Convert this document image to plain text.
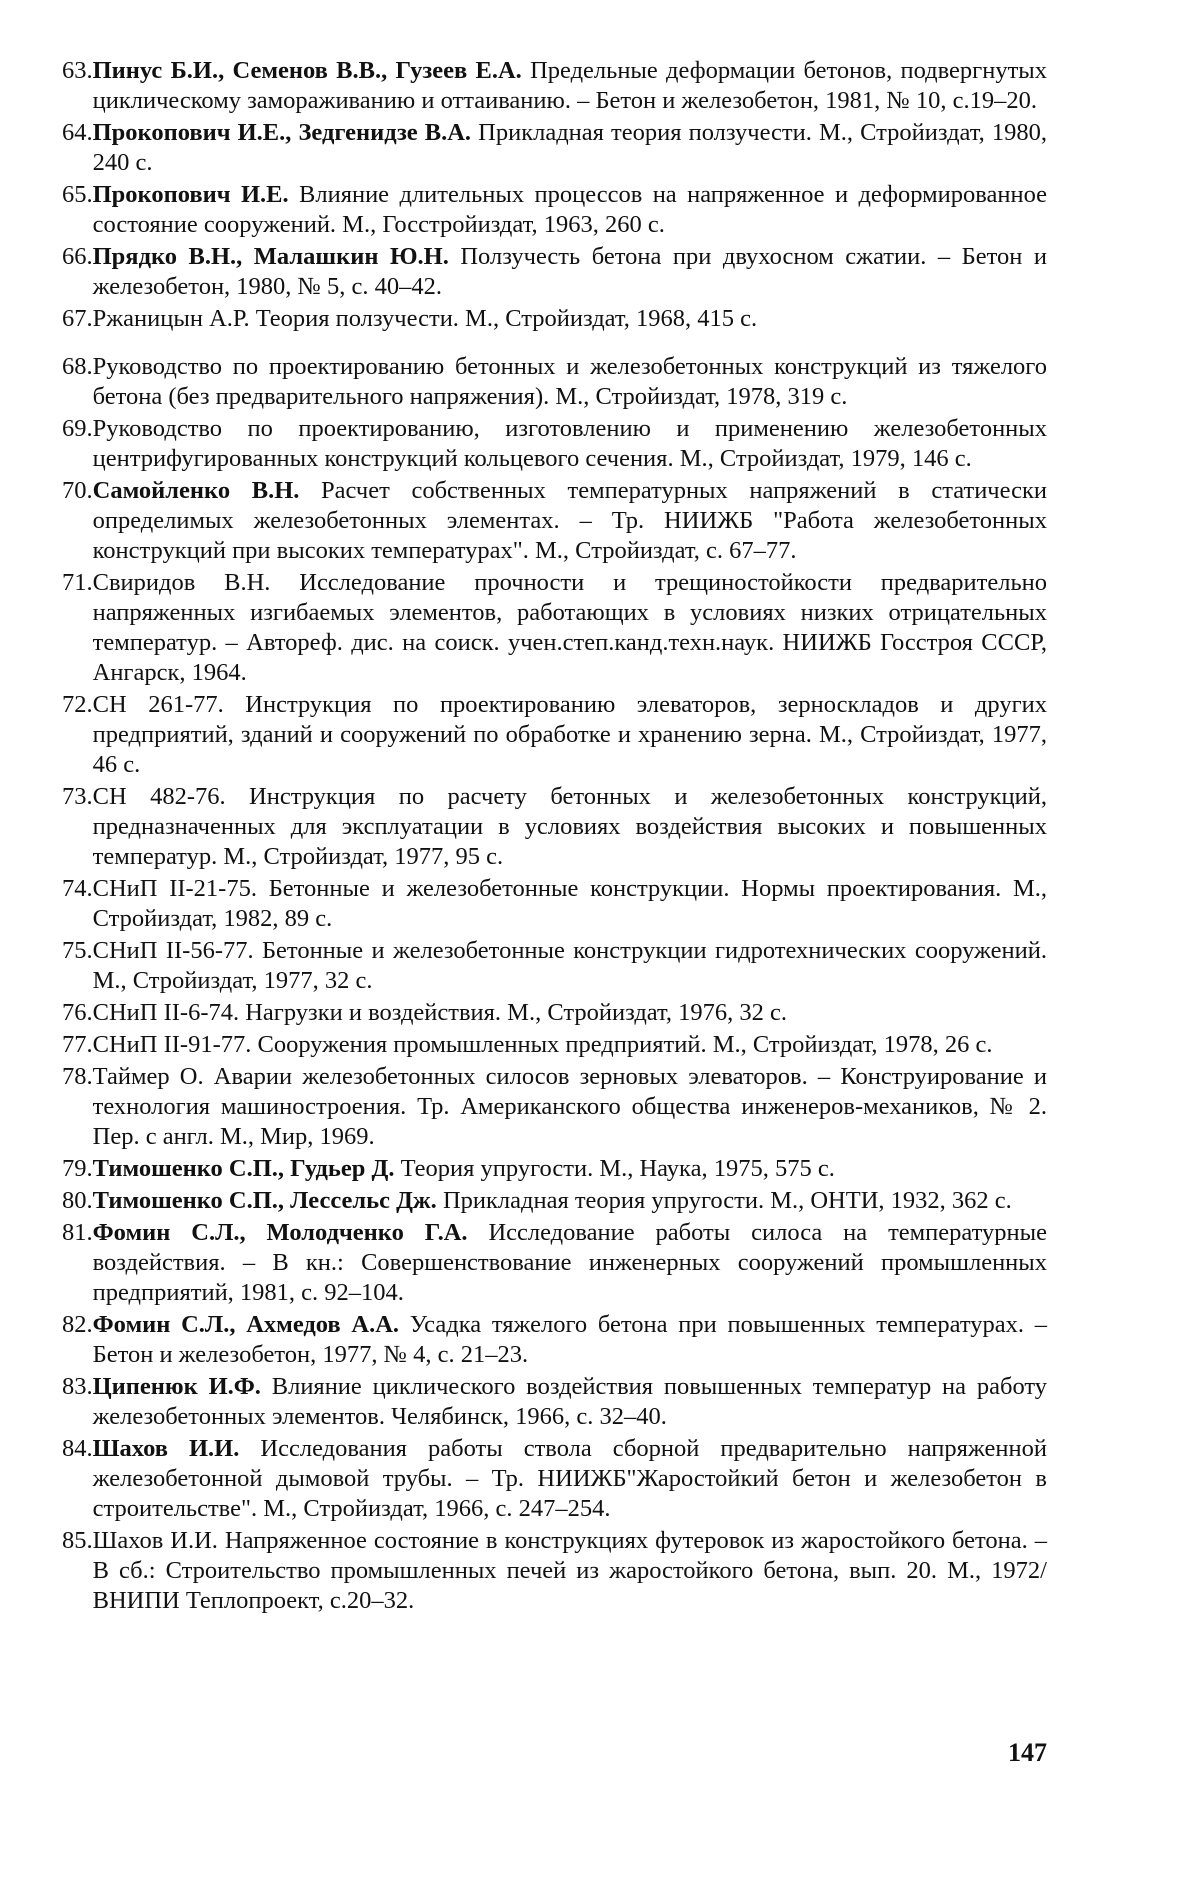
63. Пинус Б.И., Семенов В.В., Гузеев Е.А. Предельные деформации бетонов, подвергнутых циклическому замораживанию и оттаиванию. – Бетон и железобетон, 1981, № 10, с.19–20.
64. Прокопович И.Е., Зедгенидзе В.А. Прикладная теория ползучести. М., Стройиздат, 1980, 240 с.
65. Прокопович И.Е. Влияние длительных процессов на напряженное и деформированное состояние сооружений. М., Госстройиздат, 1963, 260 с.
66. Прядко В.Н., Малашкин Ю.Н. Ползучесть бетона при двухосном сжатии. – Бетон и железобетон, 1980, № 5, с. 40–42.
67. Ржаницын А.Р. Теория ползучести. М., Стройиздат, 1968, 415 с.
68. Руководство по проектированию бетонных и железобетонных конструкций из тяжелого бетона (без предварительного напряжения). М., Стройиздат, 1978, 319 с.
69. Руководство по проектированию, изготовлению и применению железобетонных центрифугированных конструкций кольцевого сечения. М., Стройиздат, 1979, 146 с.
70. Самойленко В.Н. Расчет собственных температурных напряжений в статически определимых железобетонных элементах. – Тр. НИИЖБ "Работа железобетонных конструкций при высоких температурах". М., Стройиздат, с. 67–77.
71. Свиридов В.Н. Исследование прочности и трещиностойкости предварительно напряженных изгибаемых элементов, работающих в условиях низких отрицательных температур. – Автореф. дис. на соиск. учен.степ.канд.техн.наук. НИИЖБ Госстроя СССР, Ангарск, 1964.
72. СН 261-77. Инструкция по проектированию элеваторов, зерноскладов и других предприятий, зданий и сооружений по обработке и хранению зерна. М., Стройиздат, 1977, 46 с.
73. СН 482-76. Инструкция по расчету бетонных и железобетонных конструкций, предназначенных для эксплуатации в условиях воздействия высоких и повышенных температур. М., Стройиздат, 1977, 95 с.
74. СНиП II-21-75. Бетонные и железобетонные конструкции. Нормы проектирования. М., Стройиздат, 1982, 89 с.
75. СНиП II-56-77. Бетонные и железобетонные конструкции гидротехнических сооружений. М., Стройиздат, 1977, 32 с.
76. СНиП II-6-74. Нагрузки и воздействия. М., Стройиздат, 1976, 32 с.
77. СНиП II-91-77. Сооружения промышленных предприятий. М., Стройиздат, 1978, 26 с.
78. Таймер О. Аварии железобетонных силосов зерновых элеваторов. – Конструирование и технология машиностроения. Тр. Американского общества инженеров-механиков, № 2. Пер. с англ. М., Мир, 1969.
79. Тимошенко С.П., Гудьер Д. Теория упругости. М., Наука, 1975, 575 с.
80. Тимошенко С.П., Лессельс Дж. Прикладная теория упругости. М., ОНТИ, 1932, 362 с.
81. Фомин С.Л., Молодченко Г.А. Исследование работы силоса на температурные воздействия. – В кн.: Совершенствование инженерных сооружений промышленных предприятий, 1981, с. 92–104.
82. Фомин С.Л., Ахмедов А.А. Усадка тяжелого бетона при повышенных температурах. – Бетон и железобетон, 1977, № 4, с. 21–23.
83. Ципенюк И.Ф. Влияние циклического воздействия повышенных температур на работу железобетонных элементов. Челябинск, 1966, с. 32–40.
84. Шахов И.И. Исследования работы ствола сборной предварительно напряженной железобетонной дымовой трубы. – Тр. НИИЖБ"Жаростойкий бетон и железобетон в строительстве". М., Стройиздат, 1966, с. 247–254.
85. Шахов И.И. Напряженное состояние в конструкциях футеровок из жаростойкого бетона. – В сб.: Строительство промышленных печей из жаростойкого бетона, вып. 20. М., 1972/ВНИПИ Теплопроект, с.20–32.
147
